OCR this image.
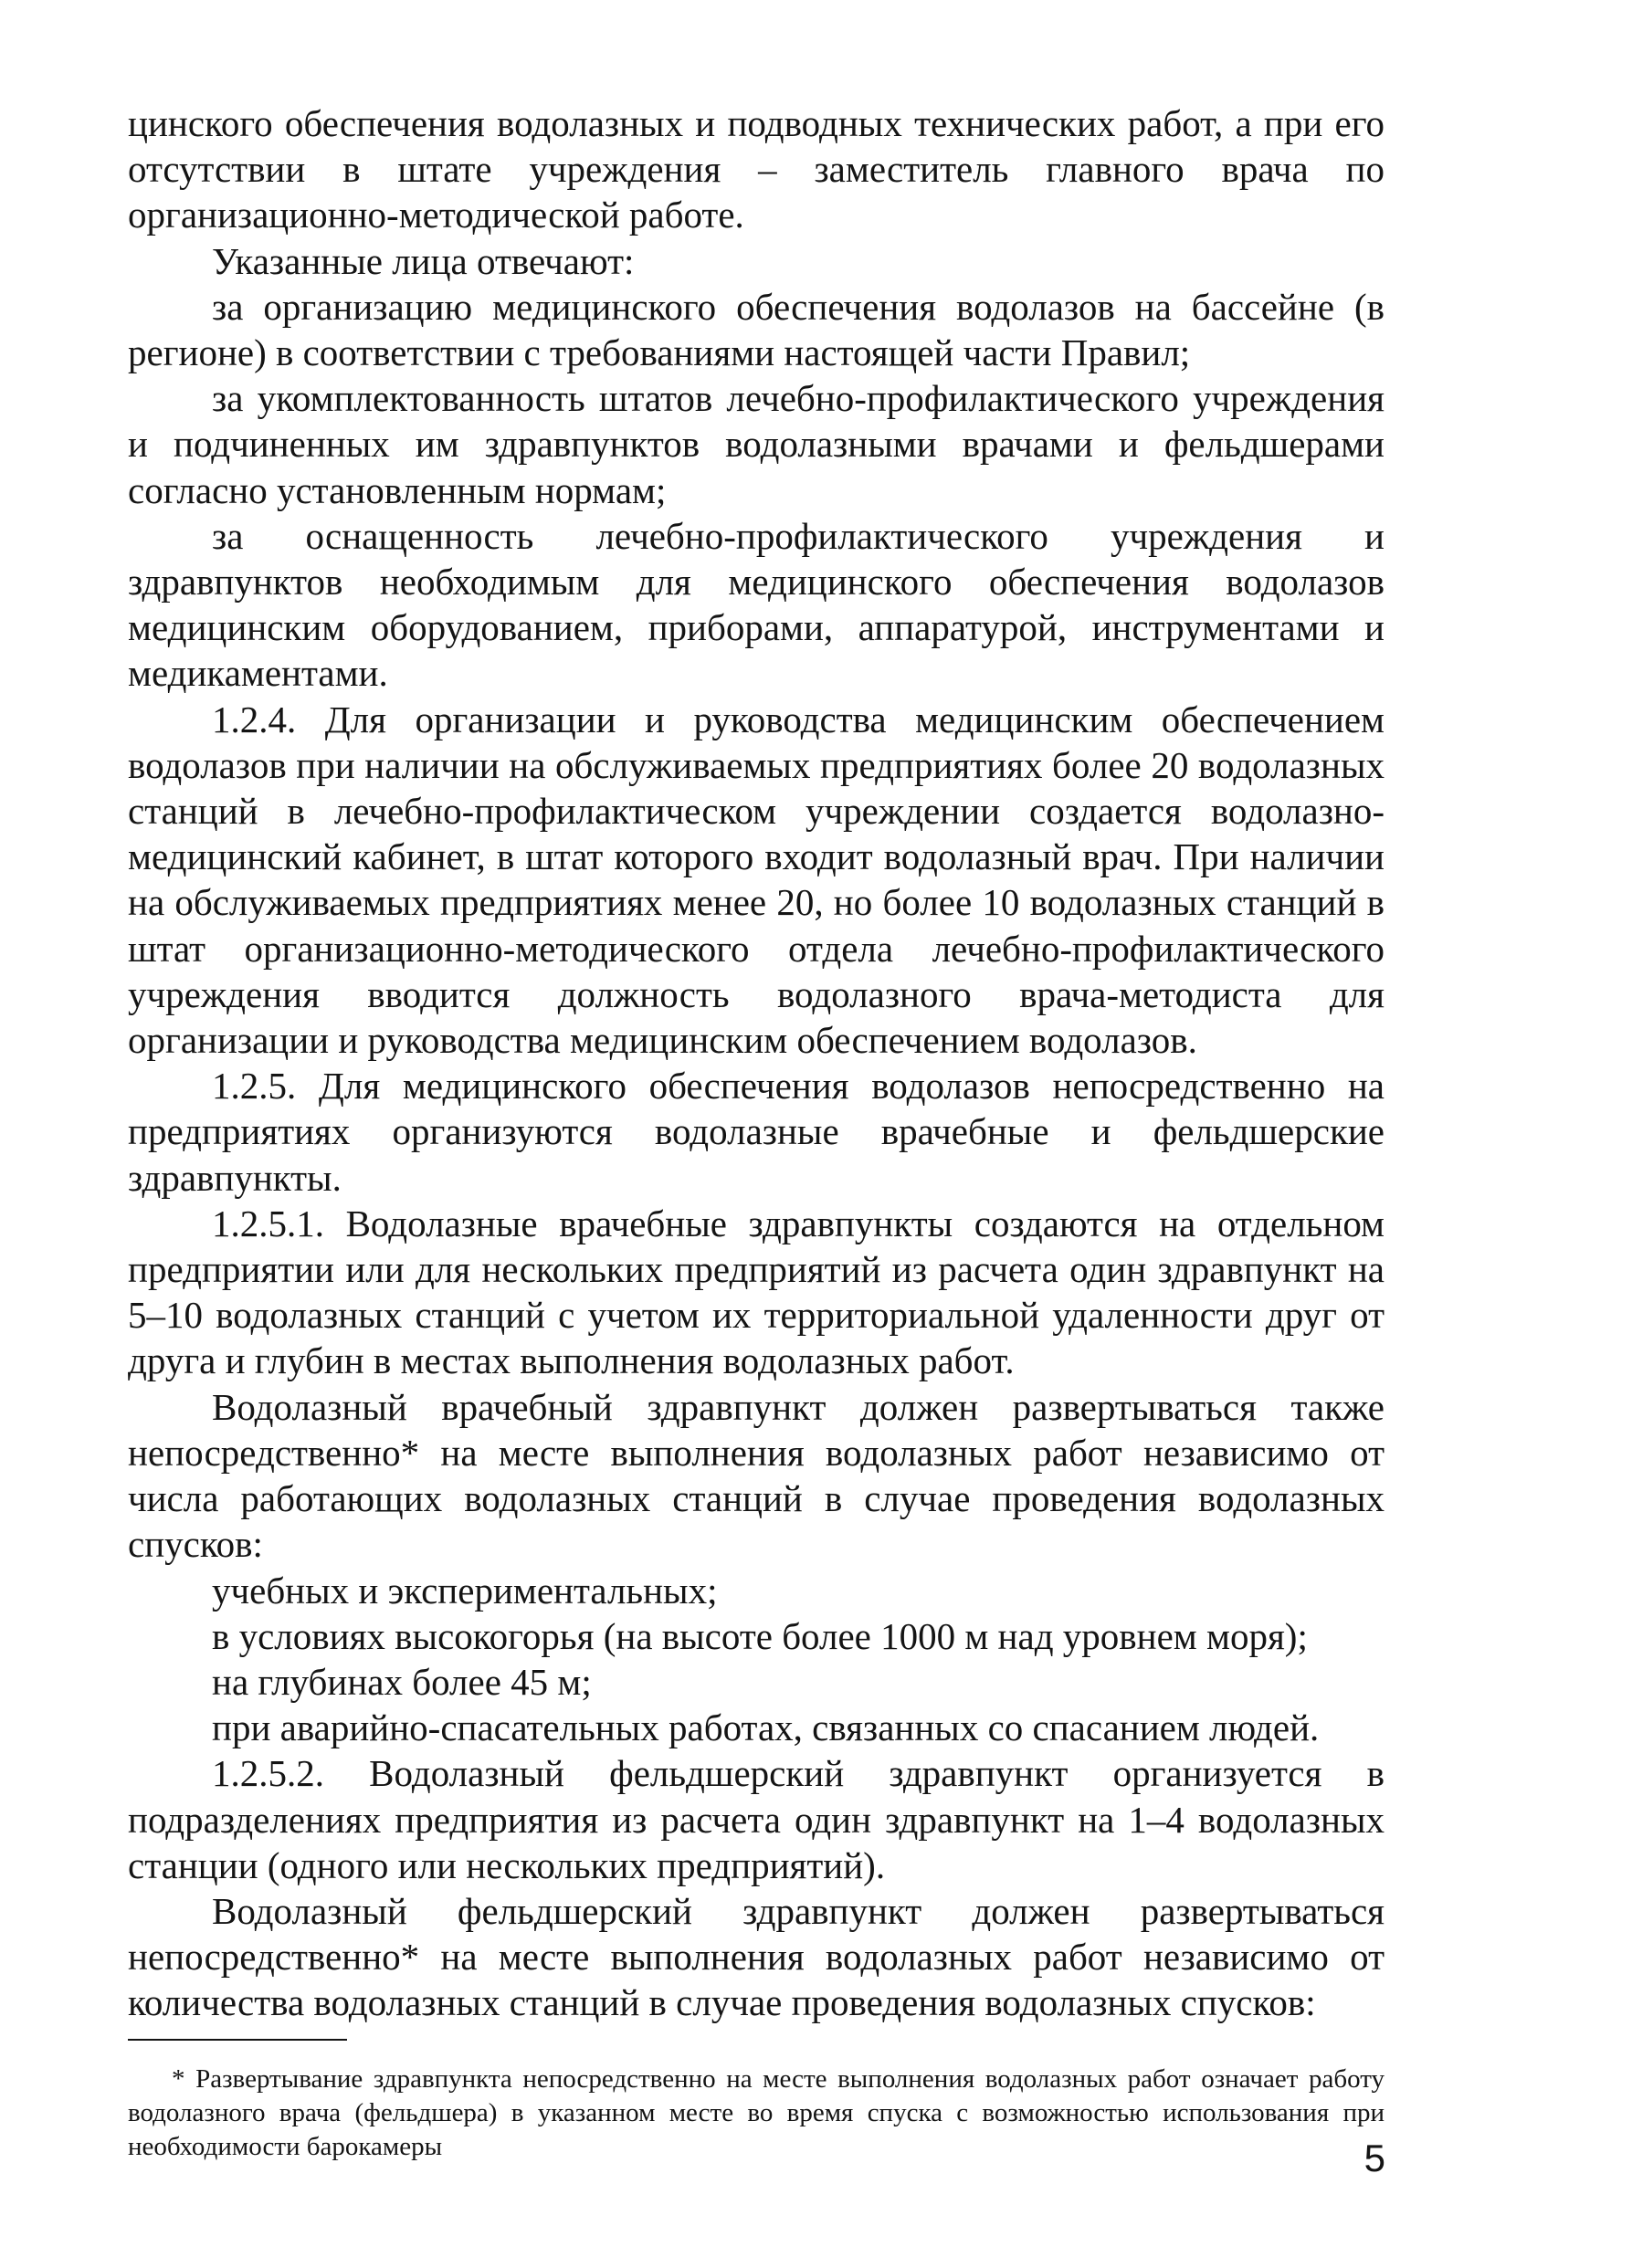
цинского обеспечения водолазных и подводных технических работ, а при его отсутствии в штате учреждения – заместитель главного врача по организационно-методической работе.

Указанные лица отвечают:

за организацию медицинского обеспечения водолазов на бассейне (в регионе) в соответствии с требованиями настоящей части Правил;

за укомплектованность штатов лечебно-профилактического учреждения и подчиненных им здравпунктов водолазными врачами и фельдшерами согласно установленным нормам;

за оснащенность лечебно-профилактического учреждения и здравпунктов необходимым для медицинского обеспечения водолазов медицинским оборудованием, приборами, аппаратурой, инструментами и медикаментами.

1.2.4. Для организации и руководства медицинским обеспечением водолазов при наличии на обслуживаемых предприятиях более 20 водолазных станций в лечебно-профилактическом учреждении создается водолазно-медицинский кабинет, в штат которого входит водолазный врач. При наличии на обслуживаемых предприятиях менее 20, но более 10 водолазных станций в штат организационно-методического отдела лечебно-профилактического учреждения вводится должность водолазного врача-методиста для организации и руководства медицинским обеспечением водолазов.

1.2.5. Для медицинского обеспечения водолазов непосредственно на предприятиях организуются водолазные врачебные и фельдшерские здравпункты.

1.2.5.1. Водолазные врачебные здравпункты создаются на отдельном предприятии или для нескольких предприятий из расчета один здравпункт на 5–10 водолазных станций с учетом их территориальной удаленности друг от друга и глубин в местах выполнения водолазных работ.

Водолазный врачебный здравпункт должен развертываться также непосредственно* на месте выполнения водолазных работ независимо от числа работающих водолазных станций в случае проведения водолазных спусков:

учебных и экспериментальных;

в условиях высокогорья (на высоте более 1000 м над уровнем моря);

на глубинах более 45 м;

при аварийно-спасательных работах, связанных со спасанием людей.

1.2.5.2. Водолазный фельдшерский здравпункт организуется в подразделениях предприятия из расчета один здравпункт на 1–4 водолазных станции (одного или нескольких предприятий).

Водолазный фельдшерский здравпункт должен развертываться непосредственно* на месте выполнения водолазных работ независимо от количества водолазных станций в случае проведения водолазных спусков:

* Развертывание здравпункта непосредственно на месте выполнения водолазных работ означает работу водолазного врача (фельдшера) в указанном месте во время спуска с возможностью использования при необходимости барокамеры	5
